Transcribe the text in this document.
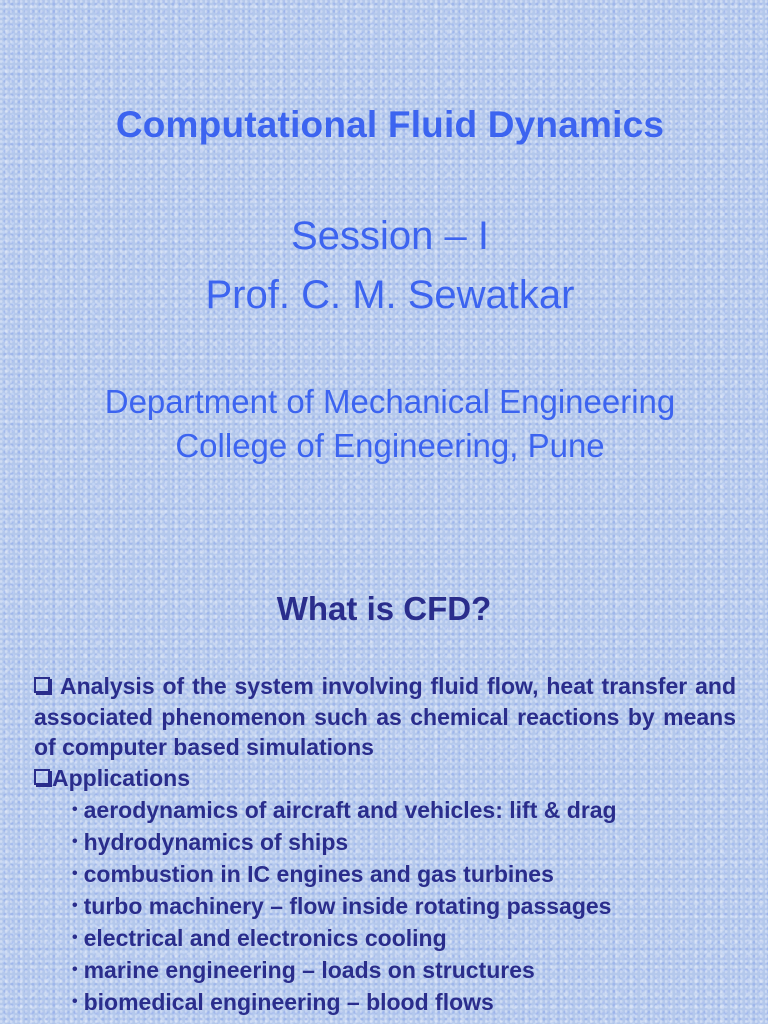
Computational Fluid Dynamics
Session – I
Prof. C. M. Sewatkar
Department of Mechanical Engineering
College of Engineering, Pune
What is CFD?
Analysis of the system involving fluid flow, heat transfer and associated phenomenon such as chemical reactions by means of computer based simulations
Applications
• aerodynamics of aircraft and vehicles: lift & drag
• hydrodynamics of ships
• combustion in IC engines and gas turbines
• turbo machinery – flow inside rotating passages
• electrical and electronics cooling
• marine engineering – loads on structures
• biomedical engineering – blood flows
